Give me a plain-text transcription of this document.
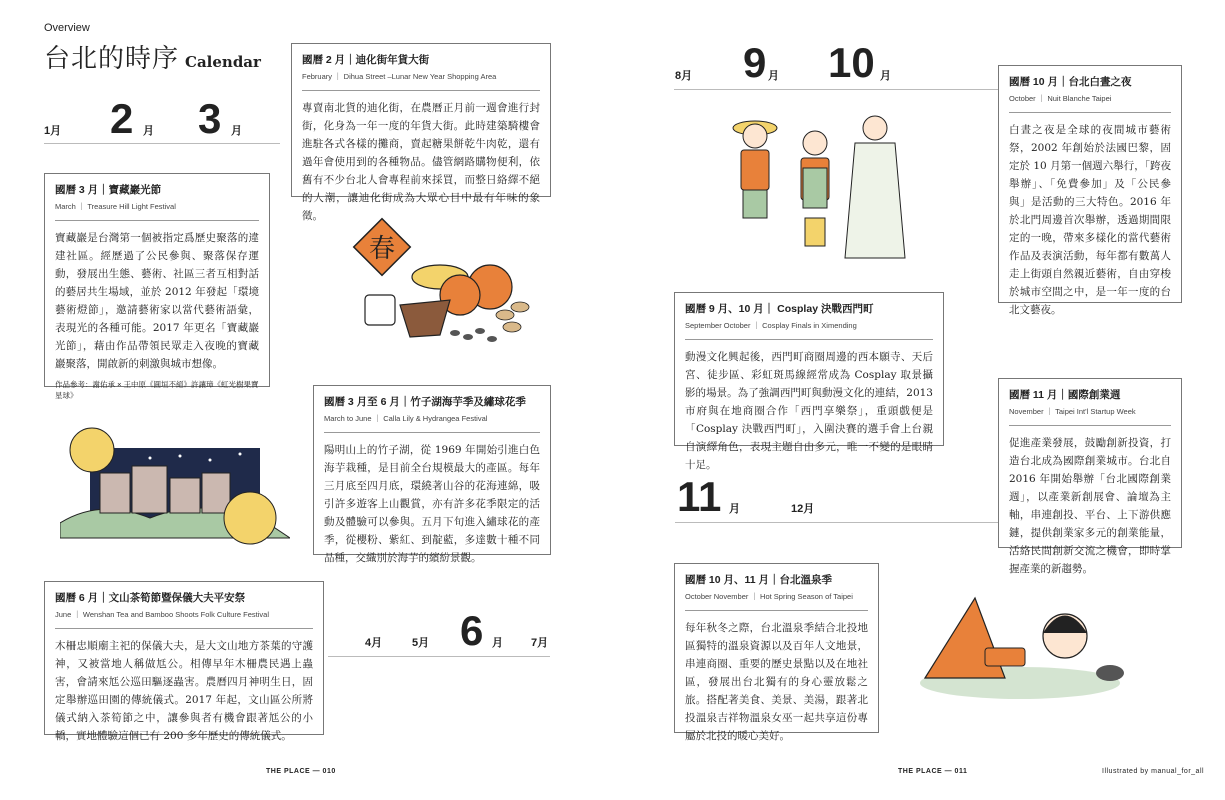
Overview
台北的時序 Calendar
1月 2 月 3 月
4月	5月 6 月	7月
8月 9 月 10 月
11 月	12月
國曆 2 月｜迪化街年貨大街
February ｜ Dihua Street –Lunar New Year Shopping Area

專賣南北貨的迪化街，在農曆正月前一週會進行封街，化身為一年一度的年貨大街。此時建築騎樓會進駐各式各樣的攤商，賣起糖果餅乾牛肉乾，還有過年會使用到的各種物品。儘管網路購物便利，依舊有不少台北人會專程前來採買，而整日絡繹不絕的人潮，讓迪化街成為大眾心目中最有年味的象徵。

國曆 3 月｜寶藏巖光節
March ｜ Treasure Hill Light Festival

寶藏巖是台灣第一個被指定爲歷史聚落的違建社區。經歷過了公民參與、聚落保存運動，發展出生態、藝術、社區三者互相對話的藝居共生場域，並於 2012 年發起「環境藝術燈節」，邀請藝術家以當代藝術語彙，表現光的各種可能。2017 年更名「寶藏巖光節」，藉由作品帶領民眾走入夜晚的寶藏巖聚落，開啟新的刺激與城市想像。

作品參考：謝佑承 × 王中原《圓垣不絕》許讓璋《虹光樹果寶星球》
國曆 3 月至 6 月｜竹子湖海芋季及繡球花季
March to June ｜ Calla Lily & Hydrangea Festival

陽明山上的竹子湖，從 1969 年開始引進白色海芋栽種，是目前全台規模最大的產區。每年三月底至四月底，環繞著山谷的花海連綿，吸引許多遊客上山觀賞，亦有許多花季限定的活動及體驗可以參與。五月下旬進入繡球花的產季，從櫻粉、紫紅、到靛藍，多達數十種不同品種，交織別於海芋的繽紛景觀。

國曆 6 月｜文山茶筍節暨保儀大夫平安祭
June ｜ Wenshan Tea and Bamboo Shoots Folk Culture Festival

木柵忠順廟主祀的保儀大夫，是大文山地方茶葉的守護神，又被當地人稱做尪公。相傳早年木柵農民遇上蟲害，會請來尪公巡田驅逐蟲害。農曆四月神明生日，固定舉辦巡田園的傳統儀式。2017 年起，文山區公所將儀式納入茶筍節之中，讓參與者有機會跟著尪公的小轎，實地體驗這個已有 200 多年歷史的傳統儀式。

國曆 9 月、10 月｜ Cosplay 決戰西門町
September October ｜ Cosplay Finals in Ximending

動漫文化興起後，西門町商圈周邊的西本願寺、天后宮、徒步區、彩虹斑馬線經常成為 Cosplay 取景攝影的場景。為了強調西門町與動漫文化的連結，2013 市府與在地商圈合作「西門享樂祭」，重頭戲便是「Cosplay 決戰西門町」，入圍決賽的選手會上台親自演繹角色，表現主題自由多元，唯一不變的是眼睛十足。

國曆 10 月｜台北白晝之夜
October ｜ Nuit Blanche Taipei

白晝之夜是全球的夜間城市藝術祭，2002 年創始於法國巴黎，固定於 10 月第一個週六舉行，「跨夜舉辦」、「免費參加」及「公民參與」是活動的三大特色。2016 年於北門周邊首次舉辦，透過期間限定的一晚，帶來多樣化的當代藝術作品及表演活動，每年都有數萬人走上街頭自然親近藝術，自由穿梭於城市空間之中，是一年一度的台北文藝夜。

國曆 11 月｜國際創業週
November ｜ Taipei Int'l Startup Week

促進產業發展，鼓勵創新投資，打造台北成為國際創業城市。台北自 2016 年開始舉辦「台北國際創業週」，以產業新創展會、論壇為主軸，串連創投、平台、上下游供應鏈，提供創業家多元的創業能量，活絡民間創新交流之機會，即時掌握產業的新趨勢。

國曆 10 月、11 月｜台北溫泉季
October November ｜ Hot Spring Season of Taipei

每年秋冬之際，台北溫泉季結合北投地區獨特的溫泉資源以及百年人文地景，串連商圈、重要的歷史景點以及在地社區，發展出台北獨有的身心靈放鬆之旅。搭配著美食、美景、美湯，跟著北投溫泉吉祥物溫泉女巫一起共享這份專屬於北投的暖心美好。

春
THE PLACE — 010	THE PLACE — 011	Illustrated by manual_for_all
